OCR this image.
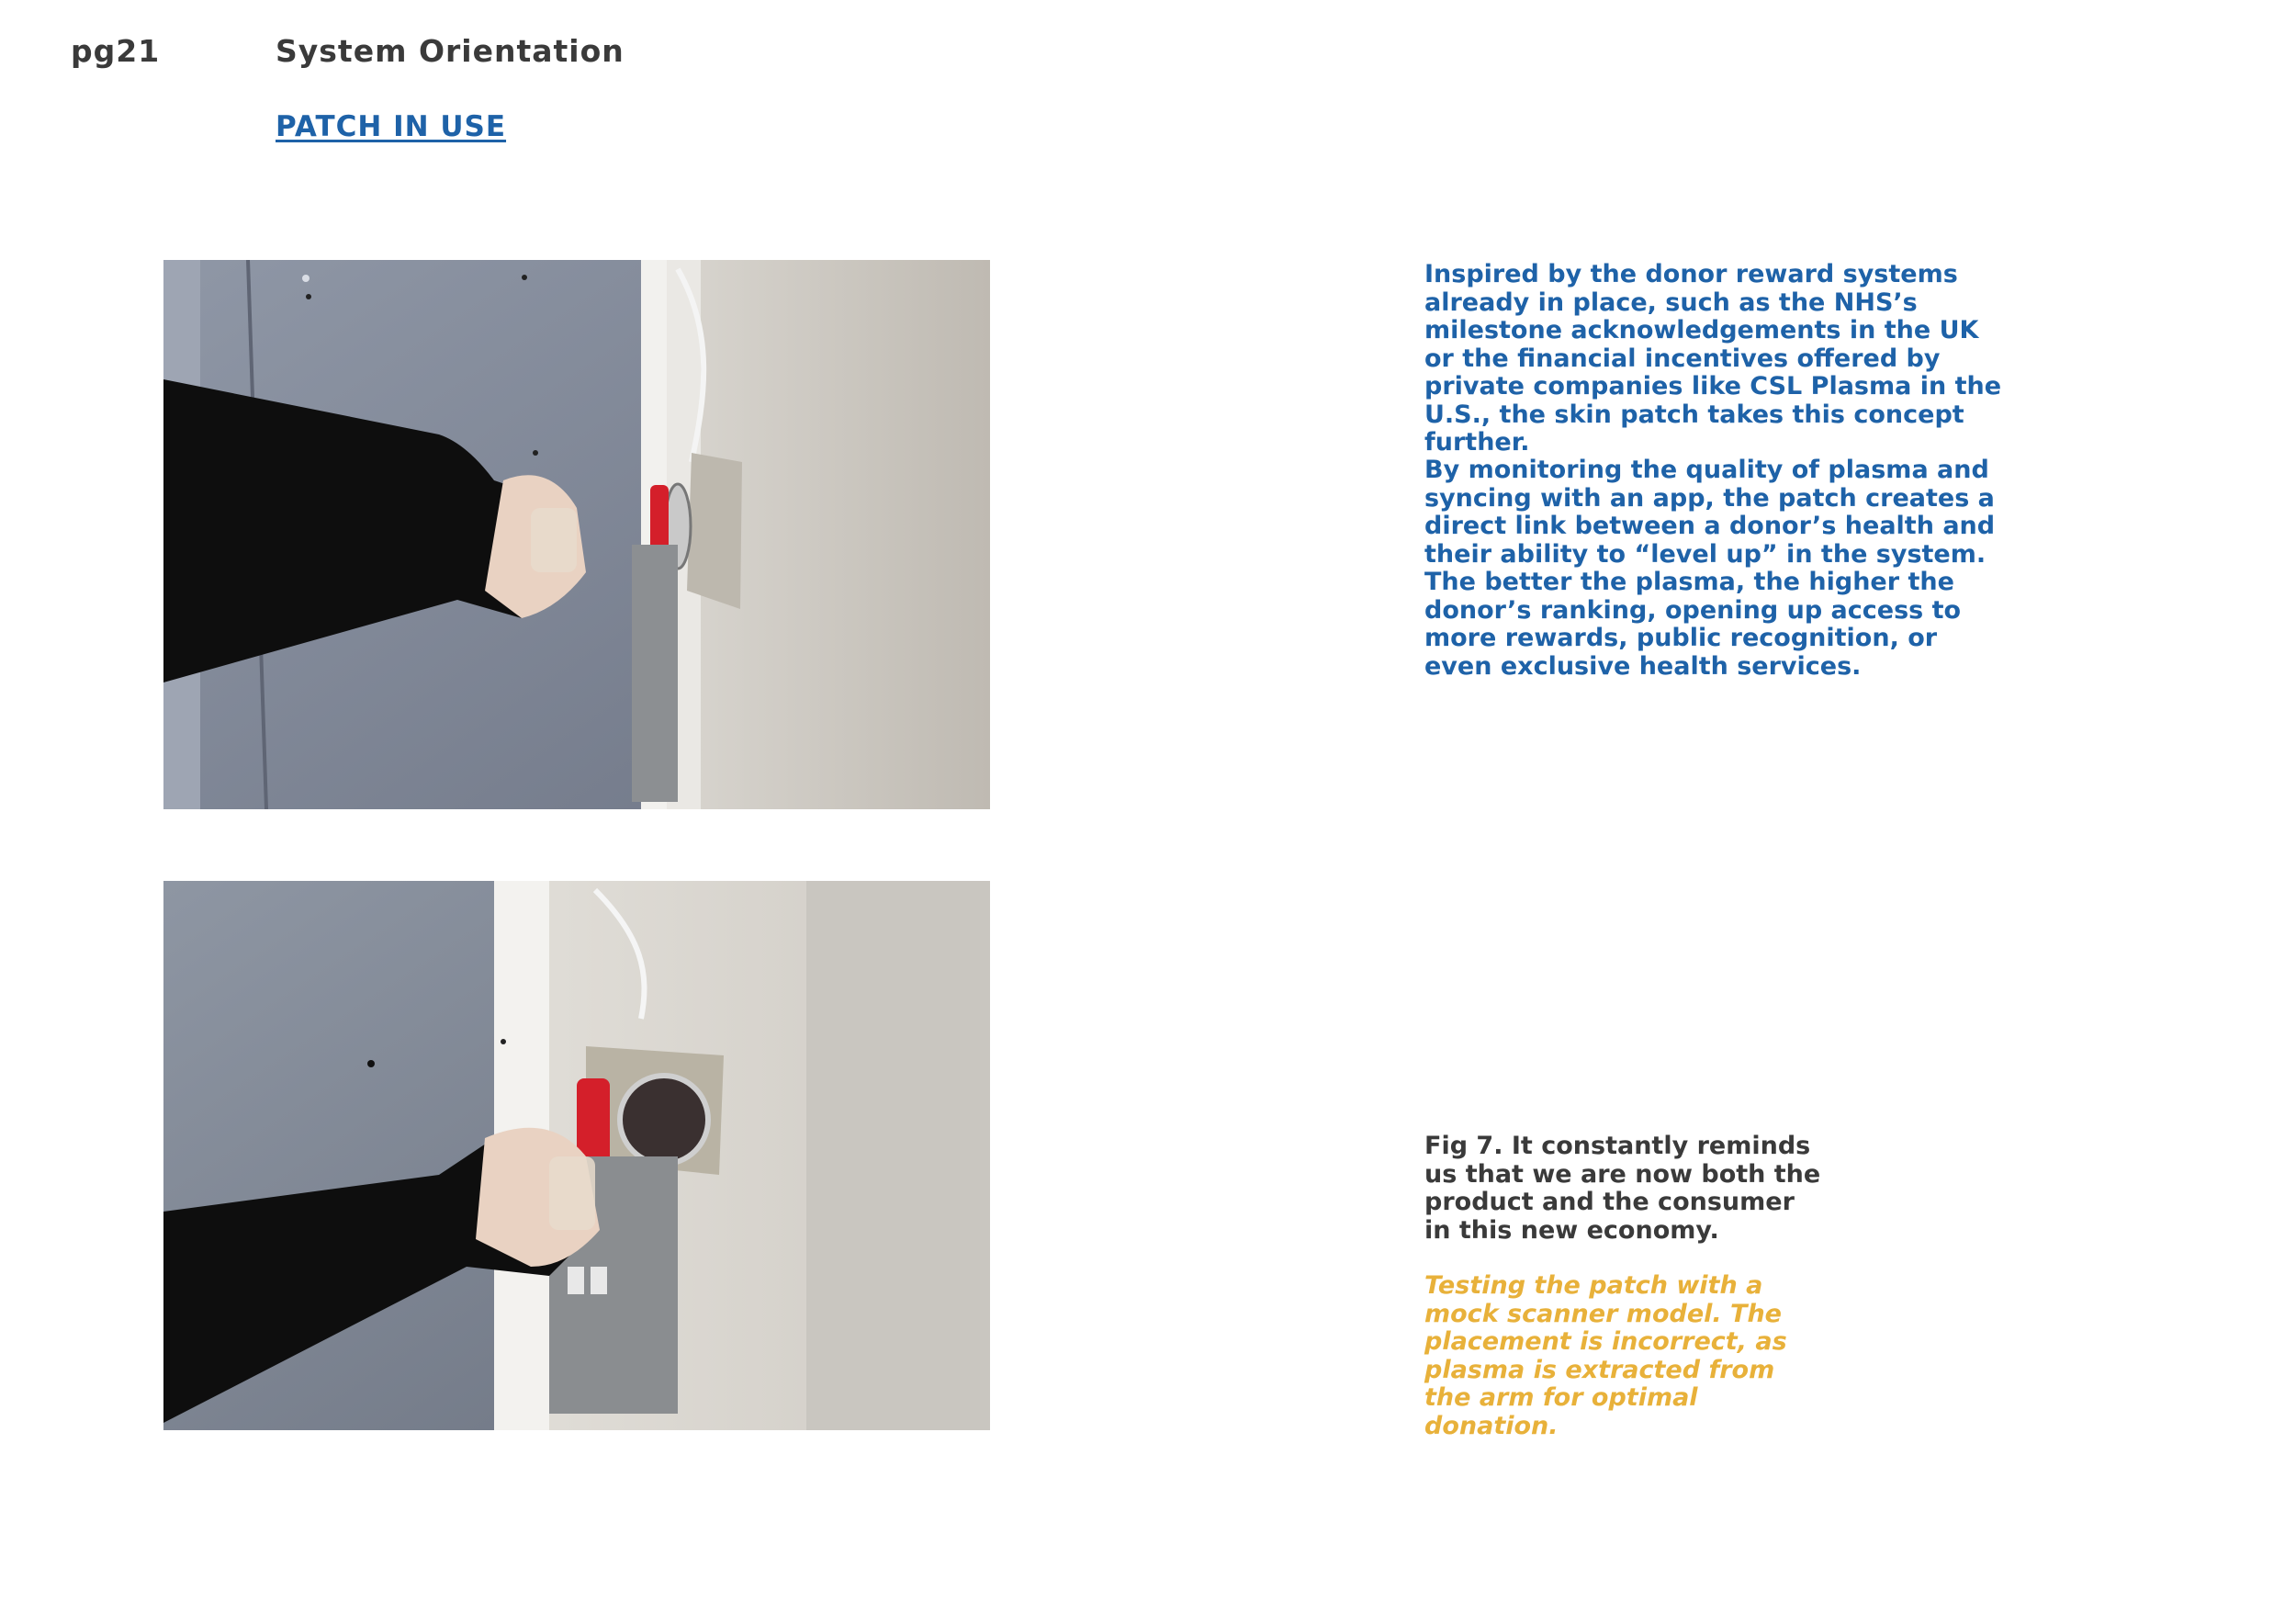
pg21	System Orientation
PATCH IN USE
Inspired by the donor reward systems already in place, such as the NHS’s milestone acknowledgements in the UK or the financial incentives offered by private companies like CSL Plasma in the U.S., the skin patch takes this concept further.
By monitoring the quality of plasma and syncing with an app, the patch creates a direct link between a donor’s health and their ability to “level up” in the system. The better the plasma, the higher the donor’s ranking, opening up access to more rewards, public recognition, or even exclusive health services.
Fig 7. It constantly reminds us that we are now both the product and the consumer in this new economy.
Testing the patch with a mock scanner model. The placement is incorrect, as plasma is extracted from the arm for optimal donation.
